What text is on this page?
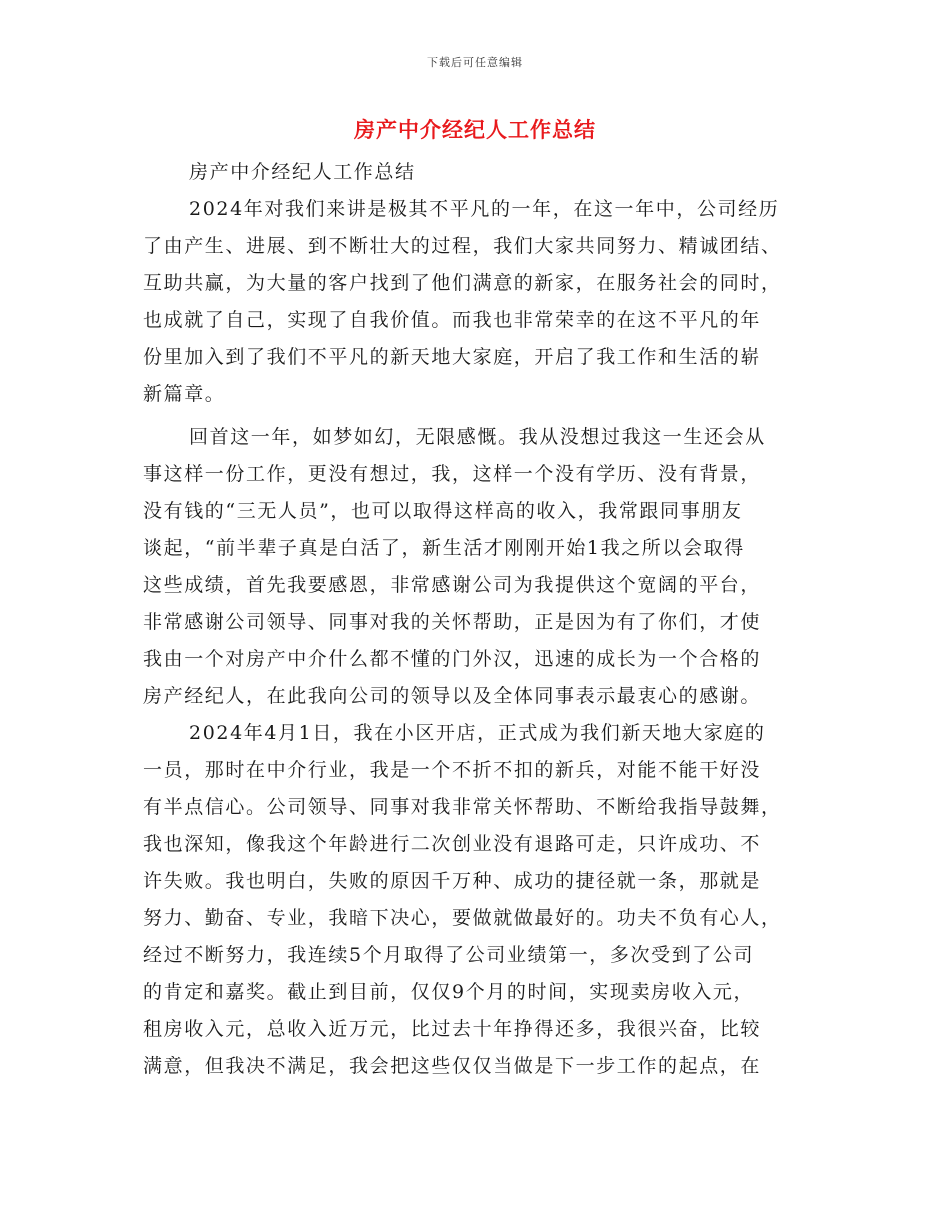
下载后可任意编辑
房产中介经纪人工作总结
房产中介经纪人工作总结
2024年对我们来讲是极其不平凡的一年，在这一年中，公司经历
了由产生、进展、到不断壮大的过程，我们大家共同努力、精诚团结、
互助共赢，为大量的客户找到了他们满意的新家，在服务社会的同时，
也成就了自己，实现了自我价值。而我也非常荣幸的在这不平凡的年
份里加入到了我们不平凡的新天地大家庭，开启了我工作和生活的崭
新篇章。
回首这一年，如梦如幻，无限感慨。我从没想过我这一生还会从
事这样一份工作，更没有想过，我，这样一个没有学历、没有背景，
没有钱的“三无人员”，也可以取得这样高的收入，我常跟同事朋友
谈起，“前半辈子真是白活了，新生活才刚刚开始1我之所以会取得
这些成绩，首先我要感恩，非常感谢公司为我提供这个宽阔的平台，
非常感谢公司领导、同事对我的关怀帮助，正是因为有了你们，才使
我由一个对房产中介什么都不懂的门外汉，迅速的成长为一个合格的
房产经纪人，在此我向公司的领导以及全体同事表示最衷心的感谢。
2024年4月1日，我在小区开店，正式成为我们新天地大家庭的
一员，那时在中介行业，我是一个不折不扣的新兵，对能不能干好没
有半点信心。公司领导、同事对我非常关怀帮助、不断给我指导鼓舞，
我也深知，像我这个年龄进行二次创业没有退路可走，只许成功、不
许失败。我也明白，失败的原因千万种、成功的捷径就一条，那就是
努力、勤奋、专业，我暗下决心，要做就做最好的。功夫不负有心人，
经过不断努力，我连续5个月取得了公司业绩第一，多次受到了公司
的肯定和嘉奖。截止到目前，仅仅9个月的时间，实现卖房收入元，
租房收入元，总收入近万元，比过去十年挣得还多，我很兴奋，比较
满意，但我决不满足，我会把这些仅仅当做是下一步工作的起点，在
